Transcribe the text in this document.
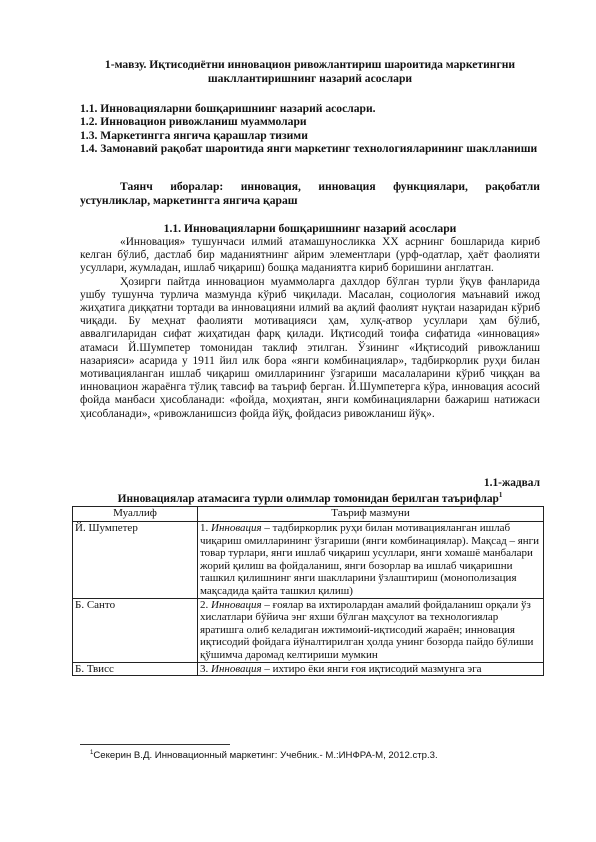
1-мавзу. Иқтисодиётни инновацион ривожлантириш шароитида маркетингни шакллантиришнинг назарий асослари
1.1. Инновацияларни бошқаришнинг назарий асослари.
1.2. Инновацион ривожланиш муаммолари
1.3. Маркетингга янгича қарашлар тизими
1.4. Замонавий рақобат шароитида янги маркетинг технологияларининг шаклланиши
Таянч иборалар: инновация, инновация функциялари, рақобатли устунликлар, маркетингга янгича қараш
1.1. Инновацияларни бошқаришнинг назарий асослари

«Инновация» тушунчаси илмий атамашуносликка XX асрнинг бошларида кириб келган бўлиб, дастлаб бир маданиятнинг айрим элементлари (урф-одатлар, ҳаёт фаолияти усуллари, жумладан, ишлаб чиқариш) бошқа маданиятга кириб боришини англатган.

Ҳозирги пайтда инновацион муаммоларга дахлдор бўлган турли ўқув фанларида ушбу тушунча турлича мазмунда кўриб чиқилади. Масалан, социология маънавий ижод жиҳатига диққатни тортади ва инновацияни илмий ва ақлий фаолият нуқтаи назаридан кўриб чиқади. Бу меҳнат фаолияти мотивацияси ҳам, хулқ-атвор усуллари ҳам бўлиб, аввалгиларидан сифат жиҳатидан фарқ қилади. Иқтисодий тоифа сифатида «инновация» атамаси Й.Шумпетер томонидан таклиф этилган. Ўзининг «Иқтисодий ривожланиш назарияси» асарида у 1911 йил илк бора «янги комбинациялар», тадбиркорлик руҳи билан мотивацияланган ишлаб чиқариш омилларининг ўзгариши масалаларини кўриб чиққан ва инновацион жараёнга тўлиқ тавсиф ва таъриф берган. Й.Шумпетерга кўра, инновация асосий фойда манбаси ҳисобланади: «фойда, моҳиятан, янги комбинацияларни бажариш натижаси ҳисобланади», «ривожланишсиз фойда йўқ, фойдасиз ривожланиш йўқ».

1.1-жадвал
Инновациялар атамасига турли олимлар томонидан берилган таърифлар$^1$
Муаллиф	Таъриф мазмуни
Й. Шумпетер	1. Инновация – тадбиркорлик руҳи билан мотивацияланган ишлаб чиқариш омилларининг ўзгариши (янги комбинациялар). Мақсад – янги товар турлари, янги ишлаб чиқариш усуллари, янги хомашё манбалари жорий қилиш ва фойдаланиш, янги бозорлар ва ишлаб чиқаришни ташкил қилишнинг янги шаклларини ўзлаштириш (монополизация мақсадида қайта ташкил қилиш)
Б. Санто	2. Инновация – ғоялар ва ихтиролардан амалий фойдаланиш орқали ўз хислатлари бўйича энг яхши бўлган маҳсулот ва технологиялар яратишга олиб келадиган ижтимоий-иқтисодий жараён; инновация иқтисодий фойдага йўналтирилган ҳолда унинг бозорда пайдо бўлиши қўшимча даромад келтириши мумкин
Б. Твисс	3. Инновация – ихтиро ёки янги ғоя иқтисодий мазмунга эга
$^1$Секерин В.Д. Инновационный маркетинг: Учебник.- М.:ИНФРА-М, 2012.стр.3.
